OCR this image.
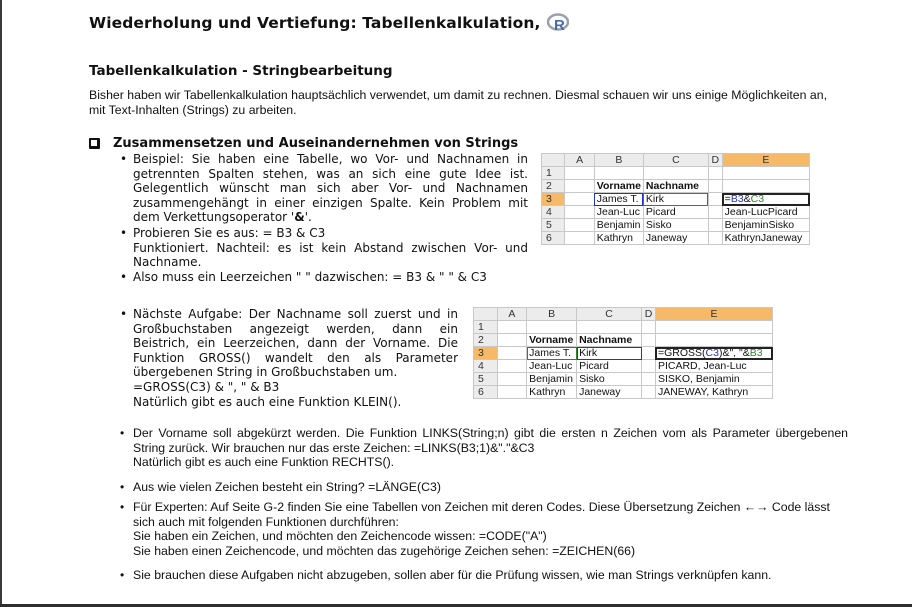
Wiederholung und Vertiefung: Tabellenkalkulation, R
Tabellenkalkulation - Stringbearbeitung
Bisher haben wir Tabellenkalkulation hauptsächlich verwendet, um damit zu rechnen. Diesmal schauen wir uns einige Möglichkeiten an, mit Text-Inhalten (Strings) zu arbeiten.
Zusammensetzen und Auseinandernehmen von Strings
• Beispiel: Sie haben eine Tabelle, wo Vor- und Nachnamen in getrennten Spalten stehen, was an sich eine gute Idee ist. Gelegentlich wünscht man sich aber Vor- und Nachnamen zusammengehängt in einer einzigen Spalte. Kein Problem mit dem Verkettungsoperator '&'.
• Probieren Sie es aus: = B3 & C3
Funktioniert. Nachteil: es ist kein Abstand zwischen Vor- und Nachname.
• Also muss ein Leerzeichen " " dazwischen: = B3 & " " & C3
	A	B	C	D	E
1					
2		Vorname	Nachname		
3		James T.	Kirk		=B3&C3
4		Jean-Luc	Picard		Jean-LucPicard
5		Benjamin	Sisko		BenjaminSisko
6		Kathryn	Janeway		KathrynJaneway
• Nächste Aufgabe: Der Nachname soll zuerst und in Großbuchstaben angezeigt werden, dann ein Beistrich, ein Leerzeichen, dann der Vorname. Die Funktion GROSS() wandelt den als Parameter übergebenen String in Großbuchstaben um.
=GROSS(C3) & ", " & B3
Natürlich gibt es auch eine Funktion KLEIN().
	A	B	C	D	E
1					
2		Vorname	Nachname		
3		James T.	Kirk		=GROSS(C3)&", "&B3
4		Jean-Luc	Picard		PICARD, Jean-Luc
5		Benjamin	Sisko		SISKO, Benjamin
6		Kathryn	Janeway		JANEWAY, Kathryn
• Der Vorname soll abgekürzt werden. Die Funktion LINKS(String;n) gibt die ersten n Zeichen vom als Parameter übergebenen String zurück. Wir brauchen nur das erste Zeichen: =LINKS(B3;1)&"."&C3
Natürlich gibt es auch eine Funktion RECHTS().
• Aus wie vielen Zeichen besteht ein String? =LÄNGE(C3)
• Für Experten: Auf Seite G-2 finden Sie eine Tabellen von Zeichen mit deren Codes. Diese Übersetzung Zeichen ←→ Code lässt sich auch mit folgenden Funktionen durchführen:
Sie haben ein Zeichen, und möchten den Zeichencode wissen: =CODE("A")
Sie haben einen Zeichencode, und möchten das zugehörige Zeichen sehen: =ZEICHEN(66)
• Sie brauchen diese Aufgaben nicht abzugeben, sollen aber für die Prüfung wissen, wie man Strings verknüpfen kann.
